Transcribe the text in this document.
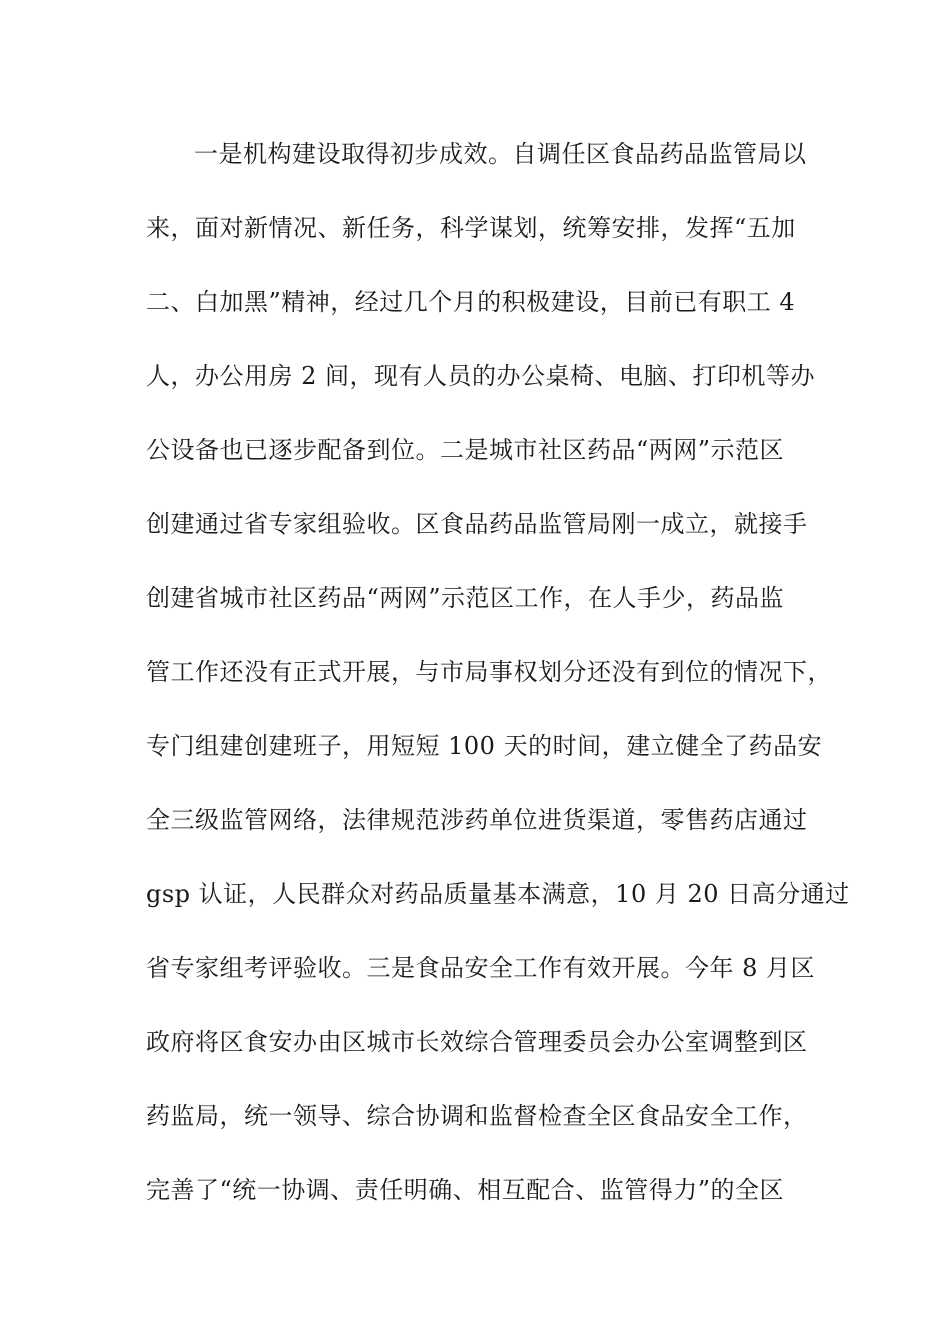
一是机构建设取得初步成效。自调任区食品药品监管局以
来，面对新情况、新任务，科学谋划，统筹安排，发挥“五加
二、白加黑”精神，经过几个月的积极建设，目前已有职工 4
人，办公用房 2 间，现有人员的办公桌椅、电脑、打印机等办
公设备也已逐步配备到位。二是城市社区药品“两网”示范区
创建通过省专家组验收。区食品药品监管局刚一成立，就接手
创建省城市社区药品“两网”示范区工作，在人手少，药品监
管工作还没有正式开展，与市局事权划分还没有到位的情况下，
专门组建创建班子，用短短 100 天的时间，建立健全了药品安
全三级监管网络，法律规范涉药单位进货渠道，零售药店通过
gsp 认证，人民群众对药品质量基本满意，10 月 20 日高分通过
省专家组考评验收。三是食品安全工作有效开展。今年 8 月区
政府将区食安办由区城市长效综合管理委员会办公室调整到区
药监局，统一领导、综合协调和监督检查全区食品安全工作，
完善了“统一协调、责任明确、相互配合、监管得力”的全区
